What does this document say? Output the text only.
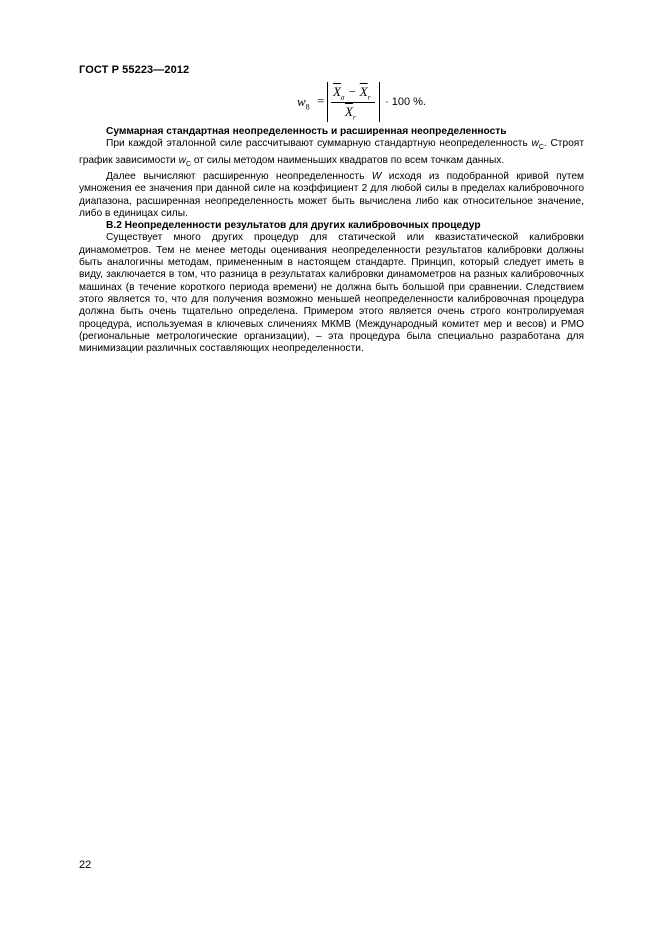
ГОСТ Р 55223—2012
$w_8$ =
$\overline{X}_a - \overline{X}_r$
$\overline{X}_r$
· 100 %.
Суммарная стандартная неопределенность и расширенная неопределенность

При каждой эталонной силе рассчитывают суммарную стандартную неопределенность $w_C$. Строят график зависимости $w_C$ от силы методом наименьших квадратов по всем точкам данных.

Далее вычисляют расширенную неопределенность W исходя из подобранной кривой путем умножения ее значения при данной силе на коэффициент 2 для любой силы в пределах калибровочного диапазона, расширенная неопределенность может быть вычислена либо как относительное значение, либо в единицах силы.

В.2 Неопределенности результатов для других калибровочных процедур

Существует много других процедур для статической или квазистатической калибровки динамометров. Тем не менее методы оценивания неопределенности результатов калибровки должны быть аналогичны методам, примененным в настоящем стандарте. Принцип, который следует иметь в виду, заключается в том, что разница в результатах калибровки динамометров на разных калибровочных машинах (в течение короткого периода времени) не должна быть большой при сравнении. Следствием этого является то, что для получения возможно меньшей неопределенности калибровочная процедура должна быть очень тщательно определена. Примером этого является очень строго контролируемая процедура, используемая в ключевых сличениях МКМВ (Международный комитет мер и весов) и РМО (региональные метрологические организации), – эта процедура была специально разработана для минимизации различных составляющих неопределенности.

22
